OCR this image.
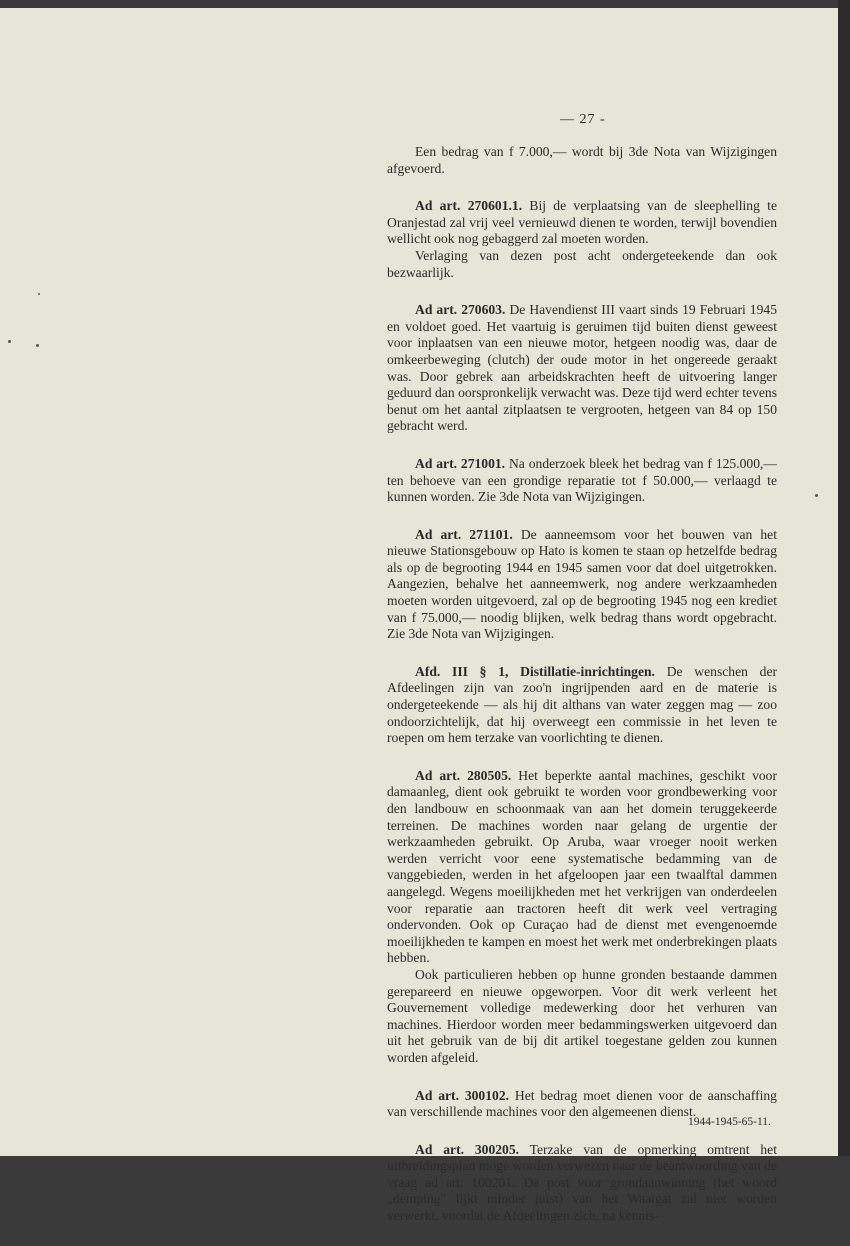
— 27 -

Een bedrag van f 7.000,— wordt bij 3de Nota van Wijzigingen afgevoerd.

Ad art. 270601.1. Bij de verplaatsing van de sleephelling te Oranjestad zal vrij veel vernieuwd dienen te worden, terwijl bovendien wellicht ook nog gebaggerd zal moeten worden.

Verlaging van dezen post acht ondergeteekende dan ook bezwaarlijk.

Ad art. 270603. De Havendienst III vaart sinds 19 Februari 1945 en voldoet goed. Het vaartuig is geruimen tijd buiten dienst geweest voor inplaatsen van een nieuwe motor, hetgeen noodig was, daar de omkeerbeweging (clutch) der oude motor in het ongereede geraakt was. Door gebrek aan arbeidskrachten heeft de uitvoering langer geduurd dan oorspronkelijk verwacht was. Deze tijd werd echter tevens benut om het aantal zitplaatsen te vergrooten, hetgeen van 84 op 150 gebracht werd.

Ad art. 271001. Na onderzoek bleek het bedrag van f 125.000,— ten behoeve van een grondige reparatie tot f 50.000,— verlaagd te kunnen worden. Zie 3de Nota van Wijzigingen.

Ad art. 271101. De aanneemsom voor het bouwen van het nieuwe Stationsgebouw op Hato is komen te staan op hetzelfde bedrag als op de begrooting 1944 en 1945 samen voor dat doel uitgetrokken. Aangezien, behalve het aanneemwerk, nog andere werkzaamheden moeten worden uitgevoerd, zal op de begrooting 1945 nog een krediet van f 75.000,— noodig blijken, welk bedrag thans wordt opgebracht. Zie 3de Nota van Wijzigingen.

Afd. III § 1, Distillatie-inrichtingen. De wenschen der Afdeelingen zijn van zoo'n ingrijpenden aard en de materie is ondergeteekende — als hij dit althans van water zeggen mag — zoo ondoorzichtelijk, dat hij overweegt een commissie in het leven te roepen om hem terzake van voorlichting te dienen.

Ad art. 280505. Het beperkte aantal machines, geschikt voor damaanleg, dient ook gebruikt te worden voor grondbewerking voor den landbouw en schoonmaak van aan het domein teruggekeerde terreinen. De machines worden naar gelang de urgentie der werkzaamheden gebruikt. Op Aruba, waar vroeger nooit werken werden verricht voor eene systematische bedamming van de vanggebieden, werden in het afgeloopen jaar een twaalftal dammen aangelegd. Wegens moeilijkheden met het verkrijgen van onderdeelen voor reparatie aan tractoren heeft dit werk veel vertraging ondervonden. Ook op Curaçao had de dienst met evengenoemde moeilijkheden te kampen en moest het werk met onderbrekingen plaats hebben.

Ook particulieren hebben op hunne gronden bestaande dammen gerepareerd en nieuwe opgeworpen. Voor dit werk verleent het Gouvernement volledige medewerking door het verhuren van machines. Hierdoor worden meer bedammingswerken uitgevoerd dan uit het gebruik van de bij dit artikel toegestane gelden zou kunnen worden afgeleid.

Ad art. 300102. Het bedrag moet dienen voor de aanschaffing van verschillende machines voor den algemeenen dienst.

Ad art. 300205. Terzake van de opmerking omtrent het uitbreidingsplan moge worden verwezen naar de beantwoording van de vraag ad art. 100201. De post voor grondaanwinning (het woord „demping" lijkt minder juist) van het Waaigat zal niet worden verwerkt, voordat de Afdeelingen zich, na kennis-

1944-1945-65-11.
